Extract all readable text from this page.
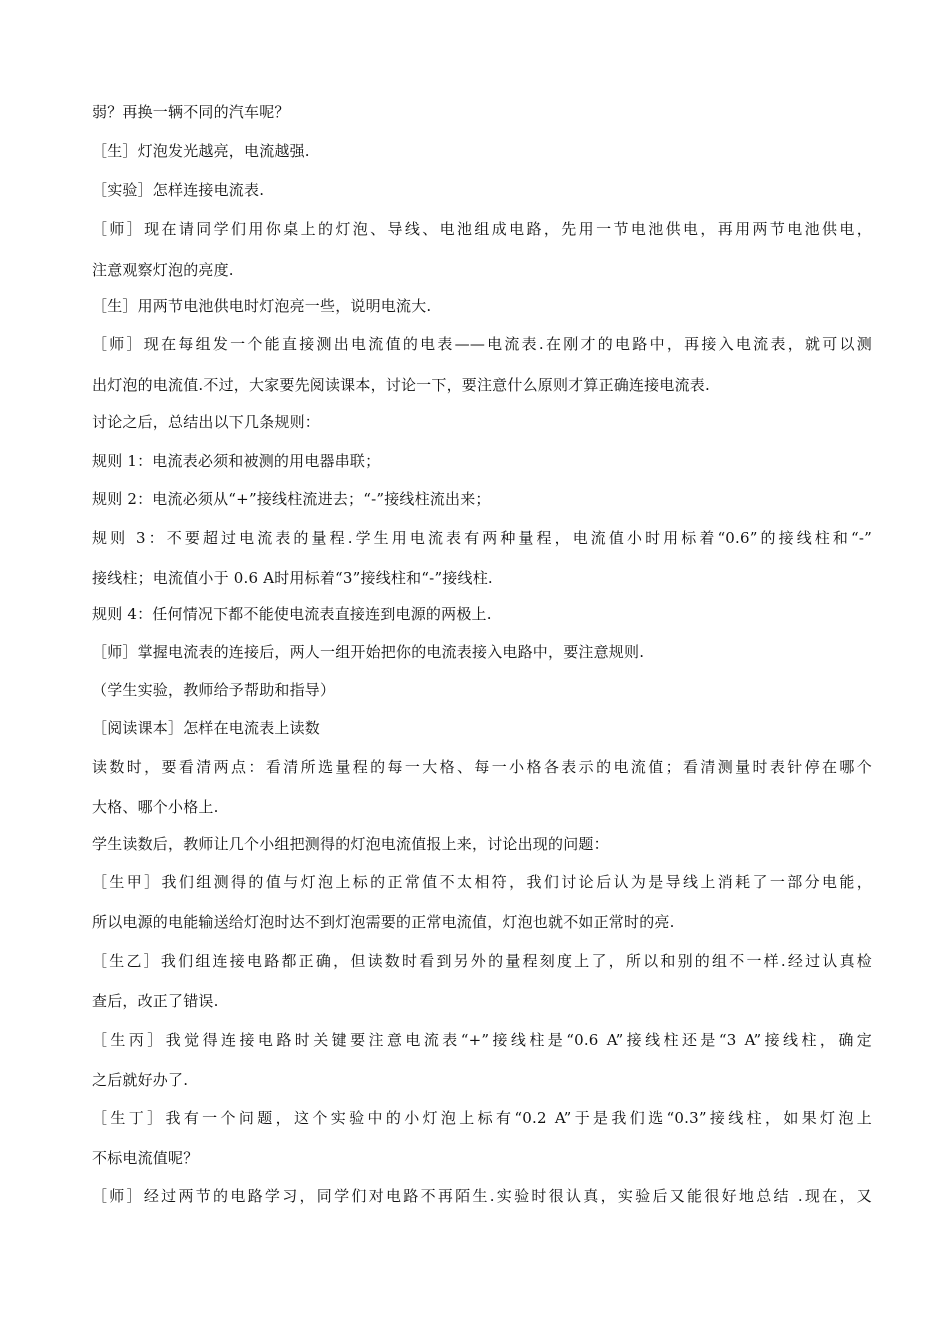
弱？再换一辆不同的汽车呢？
［生］灯泡发光越亮，电流越强.
［实验］怎样连接电流表.
［师］现在请同学们用你桌上的灯泡、导线、电池组成电路，先用一节电池供电，再用两节电池供电，
注意观察灯泡的亮度.
［生］用两节电池供电时灯泡亮一些，说明电流大.
［师］现在每组发一个能直接测出电流值的电表——电流表.在刚才的电路中，再接入电流表，就可以测
出灯泡的电流值.不过，大家要先阅读课本，讨论一下，要注意什么原则才算正确连接电流表.
讨论之后，总结出以下几条规则：
规则 1：电流表必须和被测的用电器串联；
规则 2：电流必须从“+”接线柱流进去；“-”接线柱流出来；
规则 3：不要超过电流表的量程.学生用电流表有两种量程，电流值小时用标着“0.6”的接线柱和“-”
接线柱；电流值小于 0.6 A时用标着“3”接线柱和“-”接线柱.
规则 4：任何情况下都不能使电流表直接连到电源的两极上.
［师］掌握电流表的连接后，两人一组开始把你的电流表接入电路中，要注意规则.
（学生实验，教师给予帮助和指导）
［阅读课本］怎样在电流表上读数
读数时，要看清两点：看清所选量程的每一大格、每一小格各表示的电流值；看清测量时表针停在哪个
大格、哪个小格上.
学生读数后，教师让几个小组把测得的灯泡电流值报上来，讨论出现的问题：
［生甲］我们组测得的值与灯泡上标的正常值不太相符，我们讨论后认为是导线上消耗了一部分电能，
所以电源的电能输送给灯泡时达不到灯泡需要的正常电流值，灯泡也就不如正常时的亮.
［生乙］我们组连接电路都正确，但读数时看到另外的量程刻度上了，所以和别的组不一样.经过认真检
查后，改正了错误.
［生丙］我觉得连接电路时关键要注意电流表“+”接线柱是“0.6 A”接线柱还是“3 A”接线柱，确定
之后就好办了.
［生丁］我有一个问题，这个实验中的小灯泡上标有“0.2 A”于是我们选“0.3”接线柱，如果灯泡上
不标电流值呢？
［师］经过两节的电路学习，同学们对电路不再陌生.实验时很认真，实验后又能很好地总结 .现在，又
